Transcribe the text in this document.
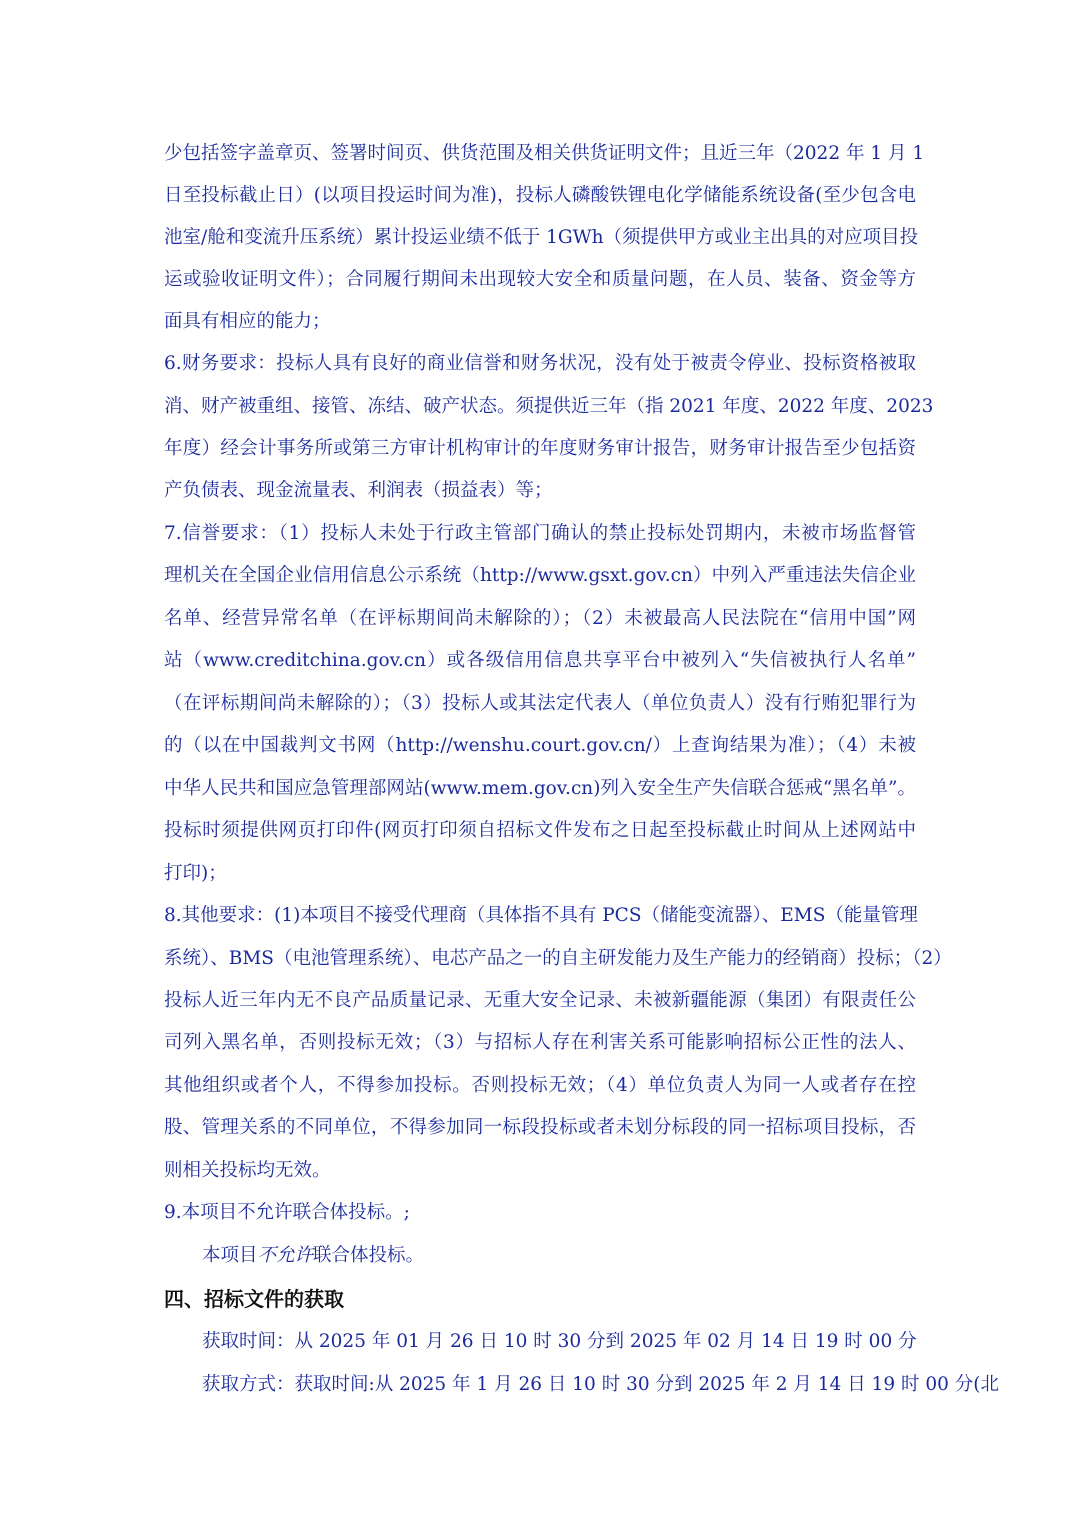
少包括签字盖章页、签署时间页、供货范围及相关供货证明文件；且近三年（2022 年 1 月 1
日至投标截止日）(以项目投运时间为准)，投标人磷酸铁锂电化学储能系统设备(至少包含电
池室/舱和变流升压系统）累计投运业绩不低于 1GWh（须提供甲方或业主出具的对应项目投
运或验收证明文件）；合同履行期间未出现较大安全和质量问题，在人员、装备、资金等方
面具有相应的能力；
6.财务要求：投标人具有良好的商业信誉和财务状况，没有处于被责令停业、投标资格被取
消、财产被重组、接管、冻结、破产状态。须提供近三年（指 2021 年度、2022 年度、2023
年度）经会计事务所或第三方审计机构审计的年度财务审计报告，财务审计报告至少包括资
产负债表、现金流量表、利润表（损益表）等；
7.信誉要求：（1）投标人未处于行政主管部门确认的禁止投标处罚期内，未被市场监督管
理机关在全国企业信用信息公示系统（http://www.gsxt.gov.cn）中列入严重违法失信企业
名单、经营异常名单（在评标期间尚未解除的）；（2）未被最高人民法院在“信用中国”网
站（www.creditchina.gov.cn）或各级信用信息共享平台中被列入“失信被执行人名单”
（在评标期间尚未解除的）；（3）投标人或其法定代表人（单位负责人）没有行贿犯罪行为
的（以在中国裁判文书网（http://wenshu.court.gov.cn/）上查询结果为准）；（4）未被
中华人民共和国应急管理部网站(www.mem.gov.cn)列入安全生产失信联合惩戒“黑名单”。
投标时须提供网页打印件(网页打印须自招标文件发布之日起至投标截止时间从上述网站中
打印)；
8.其他要求：(1)本项目不接受代理商（具体指不具有 PCS（储能变流器）、EMS（能量管理
系统）、BMS（电池管理系统）、电芯产品之一的自主研发能力及生产能力的经销商）投标；（2）
投标人近三年内无不良产品质量记录、无重大安全记录、未被新疆能源（集团）有限责任公
司列入黑名单，否则投标无效；（3）与招标人存在利害关系可能影响招标公正性的法人、
其他组织或者个人，不得参加投标。否则投标无效；（4）单位负责人为同一人或者存在控
股、管理关系的不同单位，不得参加同一标段投标或者未划分标段的同一招标项目投标，否
则相关投标均无效。
9.本项目不允许联合体投标。;
本项目不允许联合体投标。
四、招标文件的获取
获取时间：从 2025 年 01 月 26 日 10 时 30 分到 2025 年 02 月 14 日 19 时 00 分
获取方式：获取时间:从 2025 年 1 月 26 日 10 时 30 分到 2025 年 2 月 14 日 19 时 00 分(北
